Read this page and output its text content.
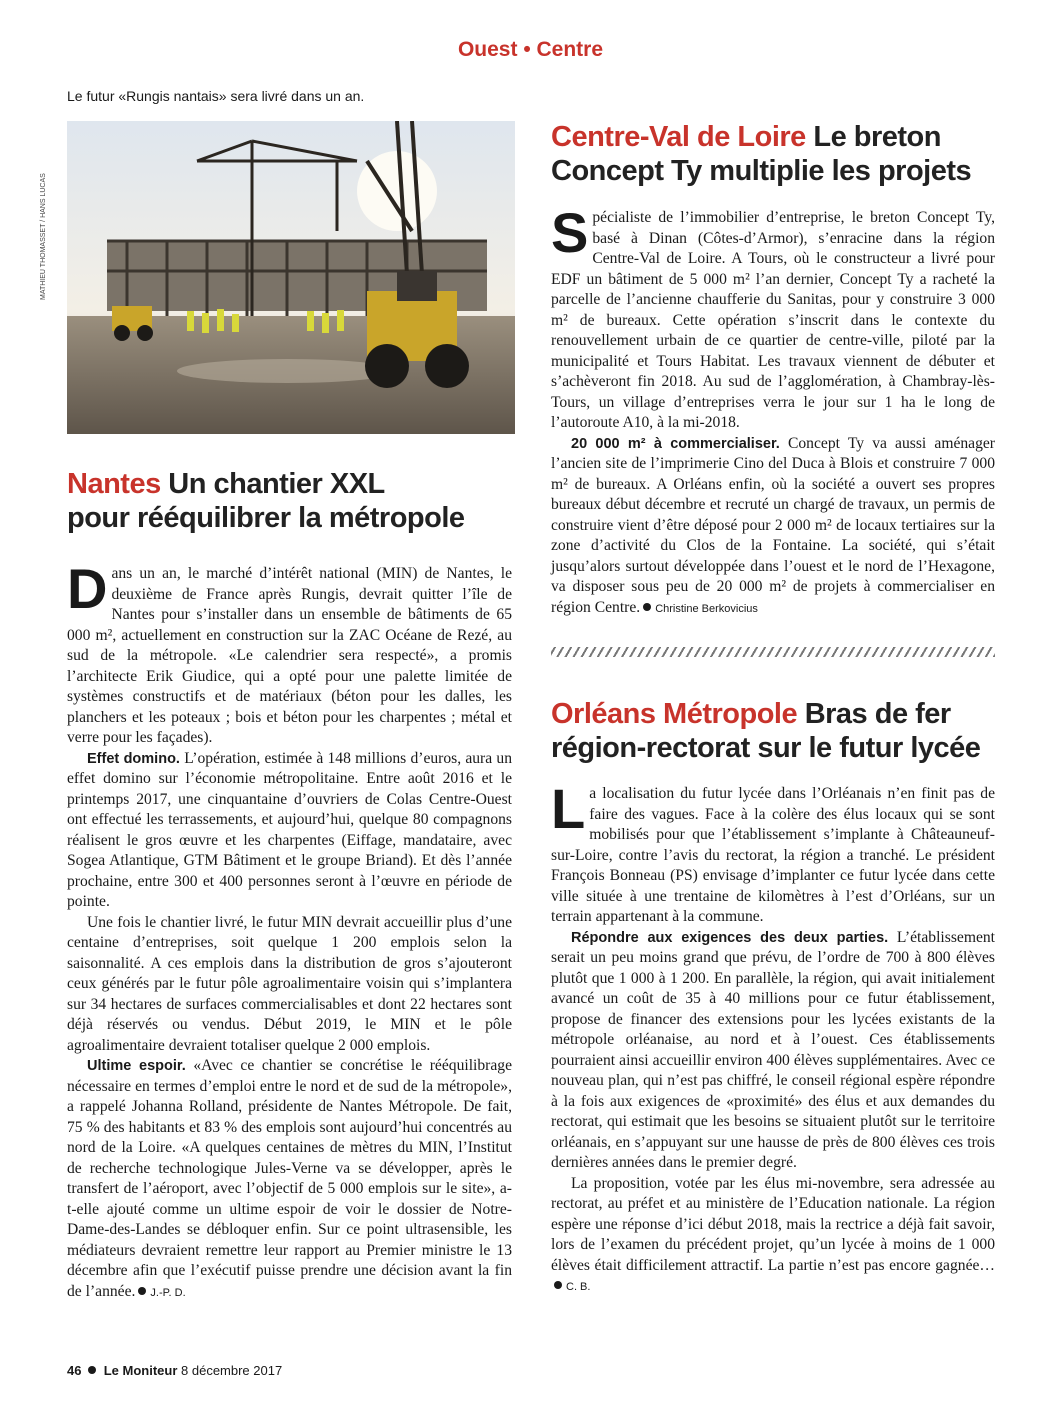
Ouest • Centre
Le futur «Rungis nantais» sera livré dans un an.
MATHIEU THOMASSET / HANS LUCAS
Nantes Un chantier XXL
pour rééquilibrer la métropole

Dans un an, le marché d’intérêt national (MIN) de Nantes, le deuxième de France après Rungis, devrait quitter l’île de Nantes pour s’installer dans un ensemble de bâtiments de 65 000 m², actuellement en construction sur la ZAC Océane de Rezé, au sud de la métropole. «Le calendrier sera respecté», a promis l’architecte Erik Giudice, qui a opté pour une palette limitée de systèmes constructifs et de matériaux (béton pour les dalles, les planchers et les poteaux ; bois et béton pour les charpentes ; métal et verre pour les façades).

Effet domino. L’opération, estimée à 148 millions d’euros, aura un effet domino sur l’économie métropolitaine. Entre août 2016 et le printemps 2017, une cinquantaine d’ouvriers de Colas Centre-Ouest ont effectué les terrassements, et aujourd’hui, quelque 80 compagnons réalisent le gros œuvre et les charpentes (Eiffage, mandataire, avec Sogea Atlantique, GTM Bâtiment et le groupe Briand). Et dès l’année prochaine, entre 300 et 400 personnes seront à l’œuvre en période de pointe.

Une fois le chantier livré, le futur MIN devrait accueillir plus d’une centaine d’entreprises, soit quelque 1 200 emplois selon la saisonnalité. A ces emplois dans la distribution de gros s’ajouteront ceux générés par le futur pôle agroalimentaire voisin qui s’implantera sur 34 hectares de surfaces commercialisables et dont 22 hectares sont déjà réservés ou vendus. Début 2019, le MIN et le pôle agroalimentaire devraient totaliser quelque 2 000 emplois.

Ultime espoir. «Avec ce chantier se concrétise le rééquilibrage nécessaire en termes d’emploi entre le nord et de sud de la métropole», a rappelé Johanna Rolland, présidente de Nantes Métropole. De fait, 75 % des habitants et 83 % des emplois sont aujourd’hui concentrés au nord de la Loire. «A quelques centaines de mètres du MIN, l’Institut de recherche technologique Jules-Verne va se développer, après le transfert de l’aéroport, avec l’objectif de 5 000 emplois sur le site», a-t-elle ajouté comme un ultime espoir de voir le dossier de Notre-Dame-des-Landes se débloquer enfin. Sur ce point ultrasensible, les médiateurs devraient remettre leur rapport au Premier ministre le 13 décembre afin que l’exécutif puisse prendre une décision avant la fin de l’année. J.-P. D.

Centre-Val de Loire Le breton
Concept Ty multiplie les projets

Spécialiste de l’immobilier d’entreprise, le breton Concept Ty, basé à Dinan (Côtes-d’Armor), s’enracine dans la région Centre-Val de Loire. A Tours, où le constructeur a livré pour EDF un bâtiment de 5 000 m² l’an dernier, Concept Ty a racheté la parcelle de l’ancienne chaufferie du Sanitas, pour y construire 3 000 m² de bureaux. Cette opération s’inscrit dans le contexte du renouvellement urbain de ce quartier de centre-ville, piloté par la municipalité et Tours Habitat. Les travaux viennent de débuter et s’achèveront fin 2018. Au sud de l’agglomération, à Chambray-lès-Tours, un village d’entreprises verra le jour sur 1 ha le long de l’autoroute A10, à la mi-2018.

20 000 m² à commercialiser. Concept Ty va aussi aménager l’ancien site de l’imprimerie Cino del Duca à Blois et construire 7 000 m² de bureaux. A Orléans enfin, où la société a ouvert ses propres bureaux début décembre et recruté un chargé de travaux, un permis de construire vient d’être déposé pour 2 000 m² de locaux tertiaires sur la zone d’activité du Clos de la Fontaine. La société, qui s’était jusqu’alors surtout développée dans l’ouest et le nord de l’Hexagone, va disposer sous peu de 20 000 m² de projets à commercialiser en région Centre. Christine Berkovicius

Orléans Métropole Bras de fer
région-rectorat sur le futur lycée

La localisation du futur lycée dans l’Orléanais n’en finit pas de faire des vagues. Face à la colère des élus locaux qui se sont mobilisés pour que l’établissement s’implante à Châteauneuf-sur-Loire, contre l’avis du rectorat, la région a tranché. Le président François Bonneau (PS) envisage d’implanter ce futur lycée dans cette ville située à une trentaine de kilomètres à l’est d’Orléans, sur un terrain appartenant à la commune.

Répondre aux exigences des deux parties. L’établissement serait un peu moins grand que prévu, de l’ordre de 700 à 800 élèves plutôt que 1 000 à 1 200. En parallèle, la région, qui avait initialement avancé un coût de 35 à 40 millions pour ce futur établissement, propose de financer des extensions pour les lycées existants de la métropole orléanaise, au nord et à l’ouest. Ces établissements pourraient ainsi accueillir environ 400 élèves supplémentaires. Avec ce nouveau plan, qui n’est pas chiffré, le conseil régional espère répondre à la fois aux exigences de «proximité» des élus et aux demandes du rectorat, qui estimait que les besoins se situaient plutôt sur le territoire orléanais, en s’appuyant sur une hausse de près de 800 élèves ces trois dernières années dans le premier degré.

La proposition, votée par les élus mi-novembre, sera adressée au rectorat, au préfet et au ministère de l’Education nationale. La région espère une réponse d’ici début 2018, mais la rectrice a déjà fait savoir, lors de l’examen du précédent projet, qu’un lycée à moins de 1 000 élèves était difficilement attractif. La partie n’est pas encore gagnée…C. B.

46 Le Moniteur 8 décembre 2017
